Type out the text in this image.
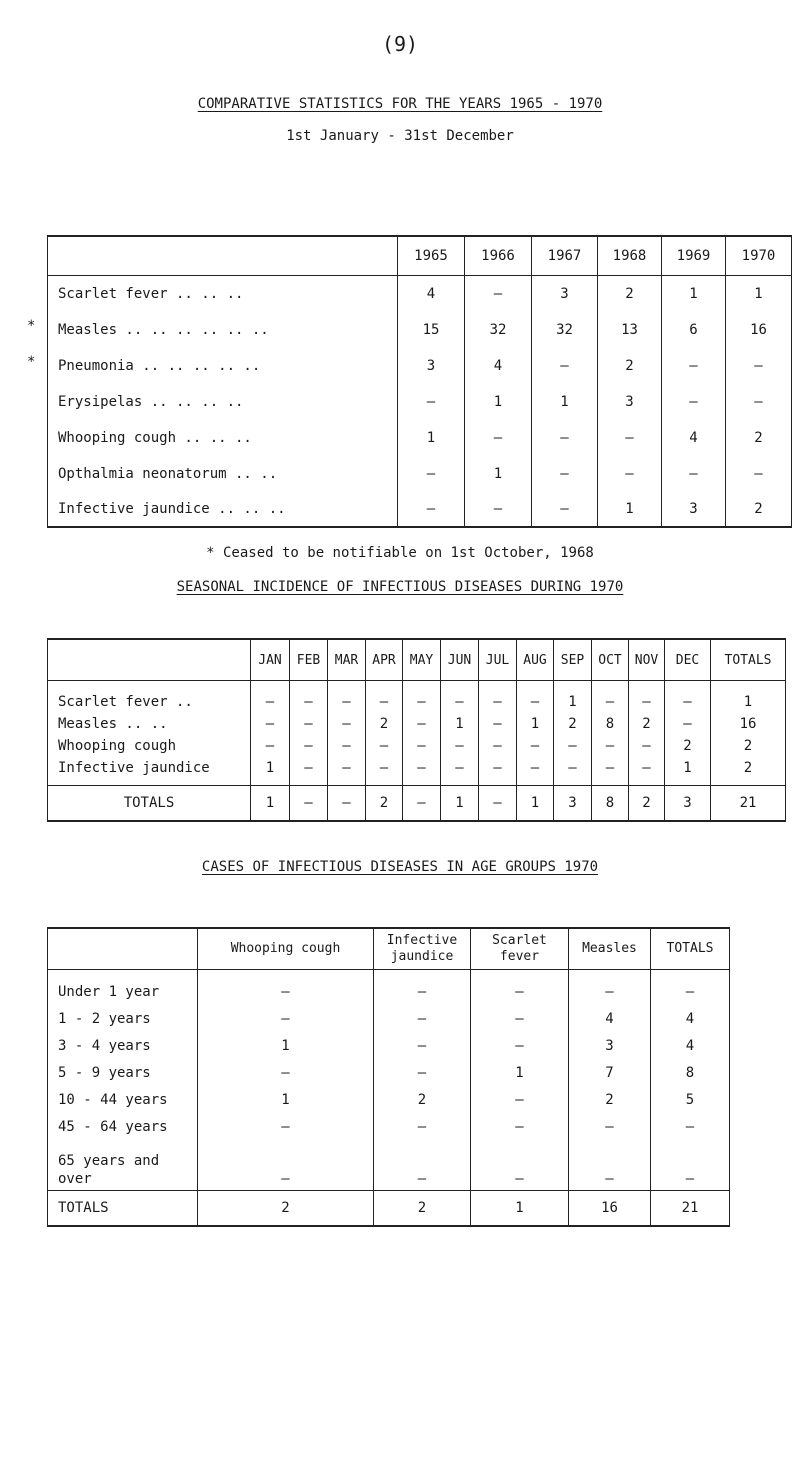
(9)
COMPARATIVE STATISTICS FOR THE YEARS 1965 - 1970
1st January - 31st December
*
*
	1965	1966	1967	1968	1969	1970
Scarlet fever .. .. ..	4	–	3	2	1	1
Measles .. .. .. .. .. ..	15	32	32	13	6	16
Pneumonia .. .. .. .. ..	3	4	–	2	–	–
Erysipelas .. .. .. ..	–	1	1	3	–	–
Whooping cough .. .. ..	1	–	–	–	4	2
Opthalmia neonatorum .. ..	–	1	–	–	–	–
Infective jaundice .. .. ..	–	–	–	1	3	2
* Ceased to be notifiable on 1st October, 1968
SEASONAL INCIDENCE OF INFECTIOUS DISEASES DURING 1970
	JAN	FEB	MAR	APR	MAY	JUN	JUL	AUG	SEP	OCT	NOV	DEC	TOTALS
Scarlet fever ..	–	–	–	–	–	–	–	–	1	–	–	–	1
Measles .. ..	–	–	–	2	–	1	–	1	2	8	2	–	16
Whooping cough	–	–	–	–	–	–	–	–	–	–	–	2	2
Infective jaundice	1	–	–	–	–	–	–	–	–	–	–	1	2
TOTALS	1	–	–	2	–	1	–	1	3	8	2	3	21
CASES OF INFECTIOUS DISEASES IN AGE GROUPS 1970
	Whooping cough	Infective jaundice	Scarlet fever	Measles	TOTALS
Under 1 year	–	–	–	–	–
1 - 2 years	–	–	–	4	4
3 - 4 years	1	–	–	3	4
5 - 9 years	–	–	1	7	8
10 - 44 years	1	2	–	2	5
45 - 64 years	–	–	–	–	–
65 years and over	–	–	–	–	–
TOTALS	2	2	1	16	21
